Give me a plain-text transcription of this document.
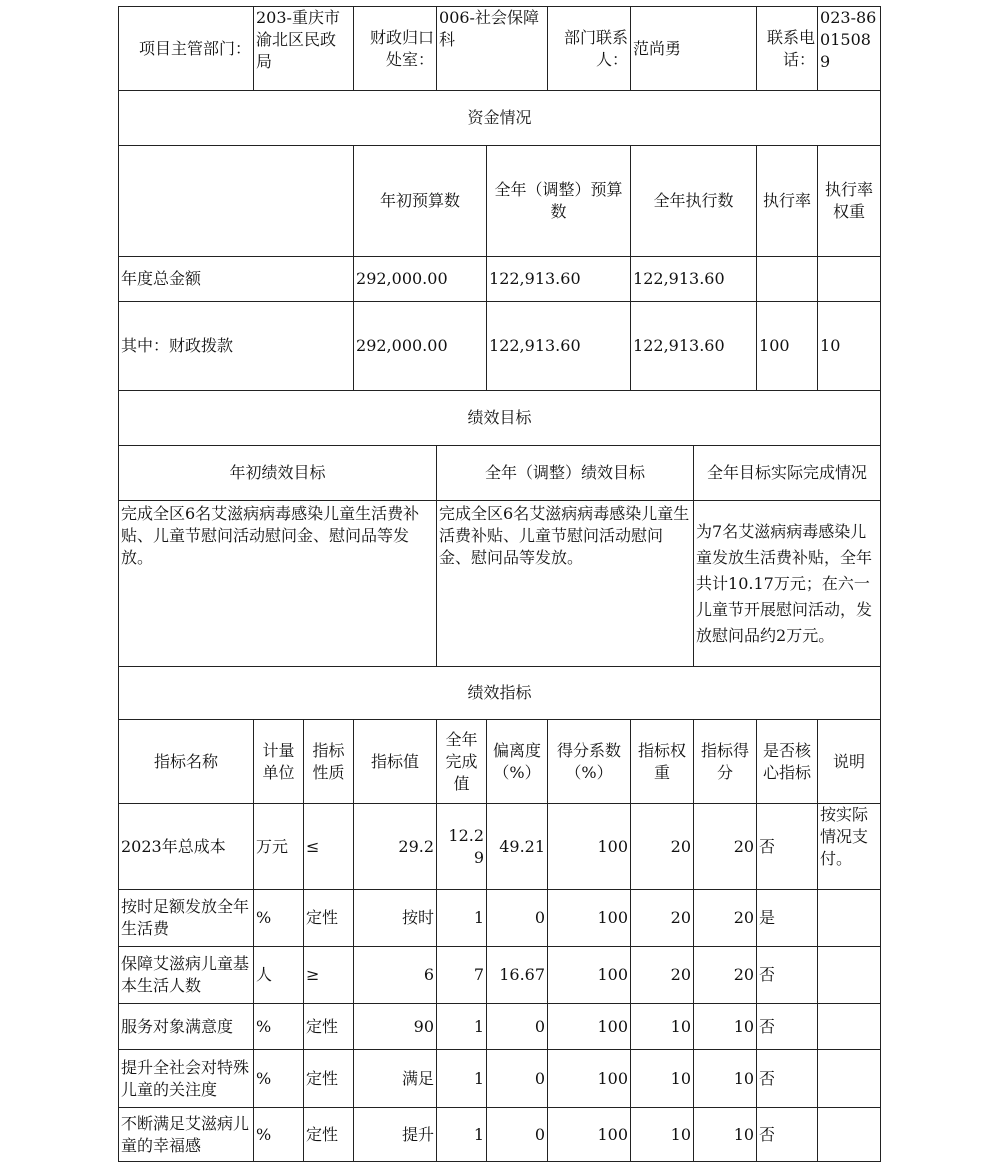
项目主管部门：	203-重庆市渝北区民政局		财政归口处室：	006-社会保障科		部门联系人：	范尚勇		联系电话：	023-86015089	
资金情况											
			年初预算数		全年（调整）预算数		全年执行数		执行率	执行率权重	
年度总金额			292,000.00		122,913.60		122,913.60				
其中：财政拨款			292,000.00		122,913.60		122,913.60		100	10	
绩效目标											
年初绩效目标				全年（调整）绩效目标				全年目标实际完成情况			
完成全区6名艾滋病病毒感染儿童生活费补贴、儿童节慰问活动慰问金、慰问品等发放。				完成全区6名艾滋病病毒感染儿童生活费补贴、儿童节慰问活动慰问金、慰问品等发放。				为7名艾滋病病毒感染儿童发放生活费补贴，全年共计10.17万元；在六一儿童节开展慰问活动，发放慰问品约2万元。			
绩效指标											
指标名称	计量单位	指标性质	指标值	全年完成值	偏离度（%）	得分系数（%）	指标权重	指标得分	是否核心指标	说明	
2023年总成本	万元	≤	29.2	12.29	49.21	100	20	20	否	按实际情况支付。	
按时足额发放全年生活费	%	定性	按时	1	0	100	20	20	是		
保障艾滋病儿童基本生活人数	人	≥	6	7	16.67	100	20	20	否		
服务对象满意度	%	定性	90	1	0	100	10	10	否		
提升全社会对特殊儿童的关注度	%	定性	满足	1	0	100	10	10	否		
不断满足艾滋病儿童的幸福感	%	定性	提升	1	0	100	10	10	否		
